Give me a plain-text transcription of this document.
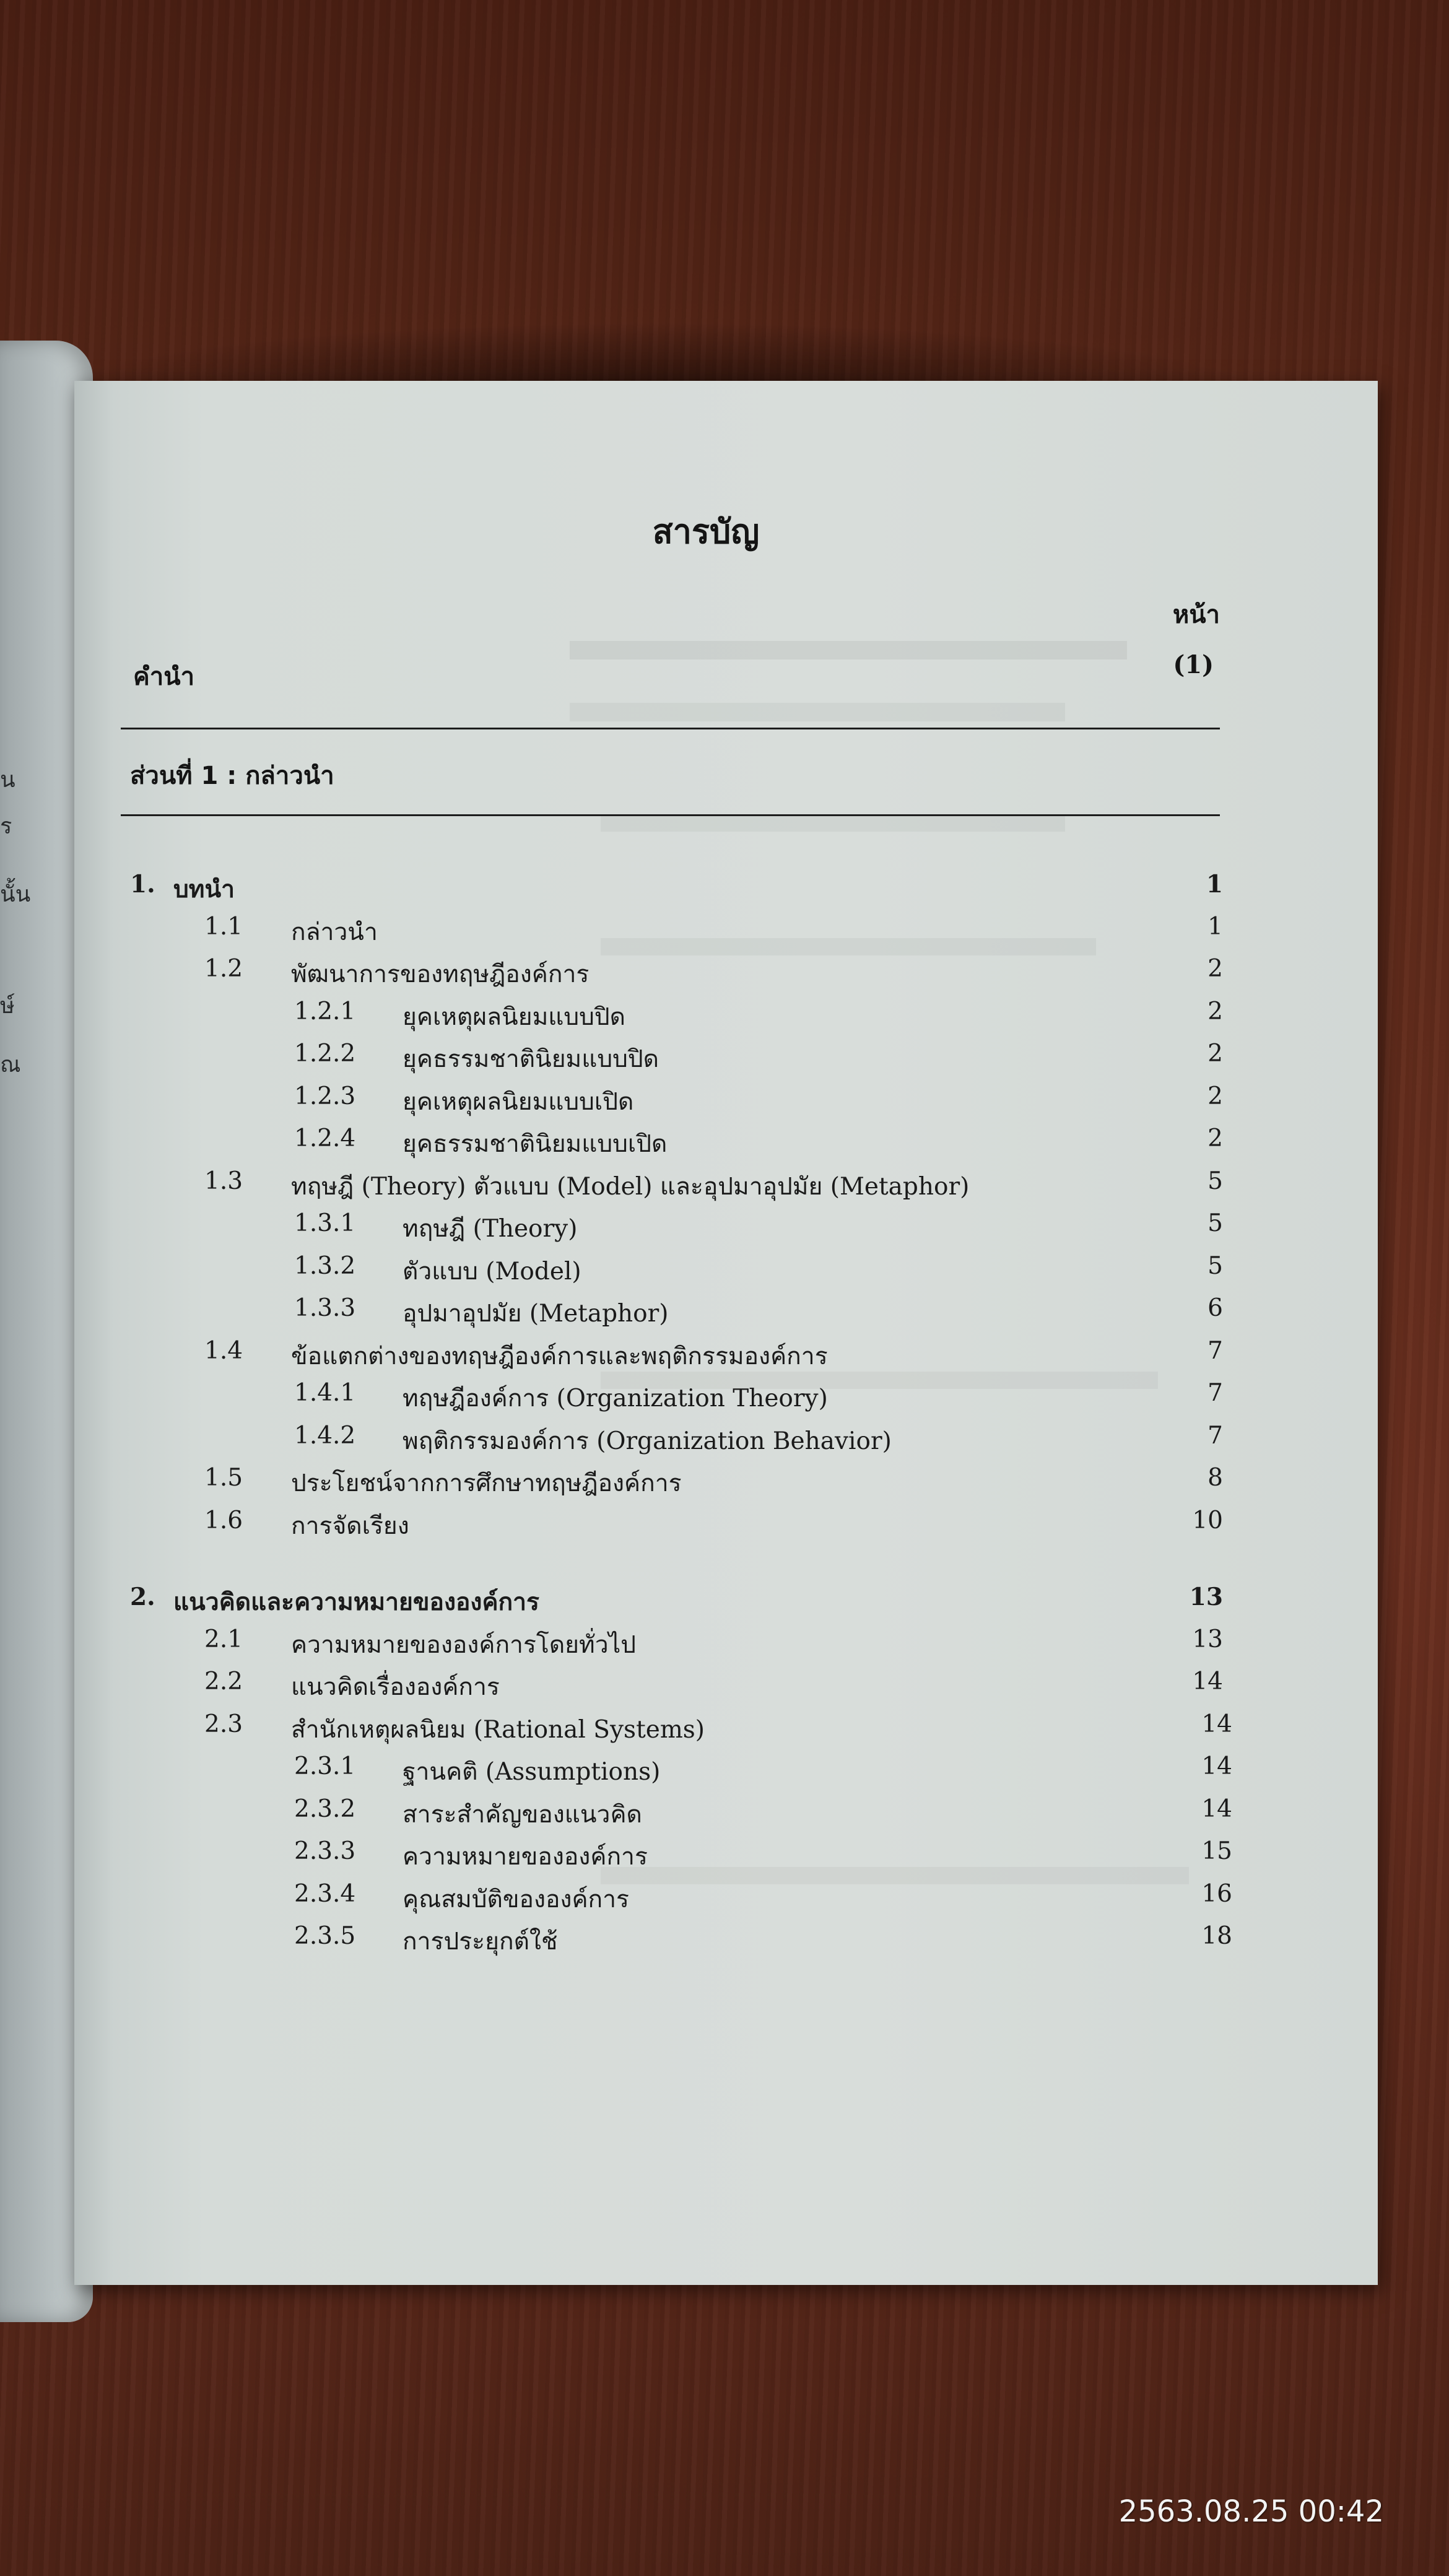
น
ร
นั้น
ษ์
ณ
สารบัญ
หน้า
คำนำ	(1)
ส่วนที่ 1 : กล่าวนำ
1. บทนำ	1
1.1 กล่าวนำ	1
1.2 พัฒนาการของทฤษฎีองค์การ	2
1.2.1 ยุคเหตุผลนิยมแบบปิด	2
1.2.2 ยุคธรรมชาตินิยมแบบปิด	2
1.2.3 ยุคเหตุผลนิยมแบบเปิด	2
1.2.4 ยุคธรรมชาตินิยมแบบเปิด	2
1.3 ทฤษฎี (Theory) ตัวแบบ (Model) และอุปมาอุปมัย (Metaphor)	5
1.3.1 ทฤษฎี (Theory)	5
1.3.2 ตัวแบบ (Model)	5
1.3.3 อุปมาอุปมัย (Metaphor)	6
1.4 ข้อแตกต่างของทฤษฎีองค์การและพฤติกรรมองค์การ	7
1.4.1 ทฤษฎีองค์การ (Organization Theory)	7
1.4.2 พฤติกรรมองค์การ (Organization Behavior)	7
1.5 ประโยชน์จากการศึกษาทฤษฎีองค์การ	8
1.6 การจัดเรียง	10
2. แนวคิดและความหมายขององค์การ	13
2.1 ความหมายขององค์การโดยทั่วไป	13
2.2 แนวคิดเรื่ององค์การ	14
2.3 สำนักเหตุผลนิยม (Rational Systems)	14
2.3.1 ฐานคติ (Assumptions)	14
2.3.2 สาระสำคัญของแนวคิด	14
2.3.3 ความหมายขององค์การ	15
2.3.4 คุณสมบัติขององค์การ	16
2.3.5 การประยุกต์ใช้	18
2563.08.25 00:42
